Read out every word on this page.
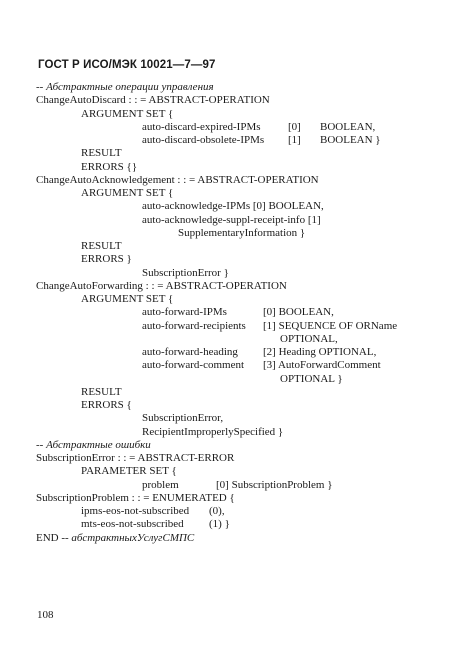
ГОСТ Р ИСО/МЭК 10021—7—97
-- Абстрактные операции управления
ChangeAutoDiscard : : = ABSTRACT-OPERATION
ARGUMENT SET {
auto-discard-expired-IPMs [0] BOOLEAN,
auto-discard-obsolete-IPMs [1] BOOLEAN }
RESULT
ERRORS {}
ChangeAutoAcknowledgement : : = ABSTRACT-OPERATION
ARGUMENT SET {
auto-acknowledge-IPMs [0] BOOLEAN,
auto-acknowledge-suppl-receipt-info [1]
SupplementaryInformation }
RESULT
ERRORS }
SubscriptionError }
ChangeAutoForwarding : : = ABSTRACT-OPERATION
ARGUMENT SET {
auto-forward-IPMs	[0] BOOLEAN,
auto-forward-recipients [1] SEQUENCE OF ORName
OPTIONAL,
auto-forward-heading [2] Heading OPTIONAL,
auto-forward-comment [3] AutoForwardComment
OPTIONAL }
RESULT
ERRORS {
SubscriptionError,
RecipientImproperlySpecified }
-- Абстрактные ошибки
SubscriptionError : : = ABSTRACT-ERROR
PARAMETER SET {
problem	[0] SubscriptionProblem }
SubscriptionProblem : : = ENUMERATED {
ipms-eos-not-subscribed (0),
mts-eos-not-subscribed (1) }
END -- абстрактныхУслугСМПС
108
